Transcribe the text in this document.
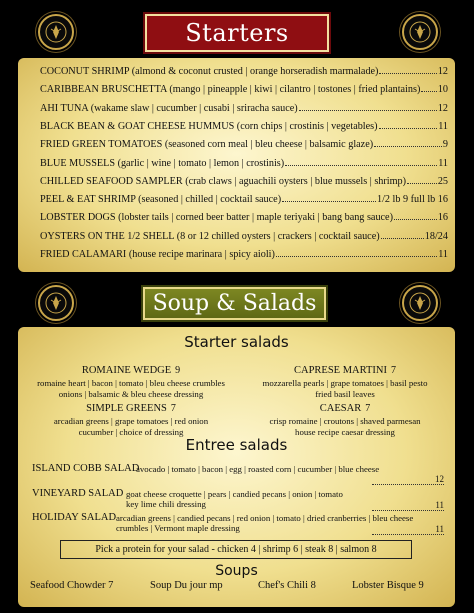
Starters
COCONUT SHRIMP (almond & coconut crusted | orange horseradish marmalade)	12
CARIBBEAN BRUSCHETTA (mango | pineapple | kiwi | cilantro | tostones | fried plantains) 10
AHI TUNA (wakame slaw | cucumber | cusabi | sriracha sauce)	12
BLACK BEAN & GOAT CHEESE HUMMUS (corn chips | crostinis | vegetables)	11
FRIED GREEN TOMATOES (seasoned corn meal | bleu cheese | balsamic glaze)	9
BLUE MUSSELS (garlic | wine | tomato | lemon | crostinis)	11
CHILLED SEAFOOD SAMPLER (crab claws | aguachili oysters | blue mussels | shrimp)	25
PEEL & EAT SHRIMP (seasoned | chilled | cocktail sauce)	1/2 lb 9 full lb 16
LOBSTER DOGS (lobster tails | corned beer batter | maple teriyaki | bang bang sauce)	16
OYSTERS ON THE 1/2 SHELL (8 or 12 chilled oysters | crackers | cocktail sauce)	18/24
FRIED CALAMARI (house recipe marinara | spicy aioli)	11
Soup & Salads
Starter salads
ROMAINE WEDGE 9
romaine heart | bacon | tomato | bleu cheese crumbles
onions | balsamic & bleu cheese dressing
CAPRESE MARTINI 7
mozzarella pearls | grape tomatoes | basil pesto
fried basil leaves
SIMPLE GREENS 7
arcadian greens | grape tomatoes | red onion
cucumber | choice of dressing
CAESAR 7
crisp romaine | croutons | shaved parmesan
house recipe caesar dressing
Entree salads
ISLAND COBB SALAD
avocado | tomato | bacon | egg | roasted corn | cucumber | blue cheese
12
VINEYARD SALAD goat cheese croquette | pears | candied pecans | onion | tomato
key lime chili dressing	11
HOLIDAY SALAD arcadian greens | candied pecans | red onion | tomato | dried cranberries | bleu cheese
crumbles | Vermont maple dressing	11
Pick a protein for your salad - chicken 4 | shrimp 6 | steak 8 | salmon 8
Soups
Seafood Chowder 7	Soup Du jour mp	Chef's Chili 8	Lobster Bisque 9
